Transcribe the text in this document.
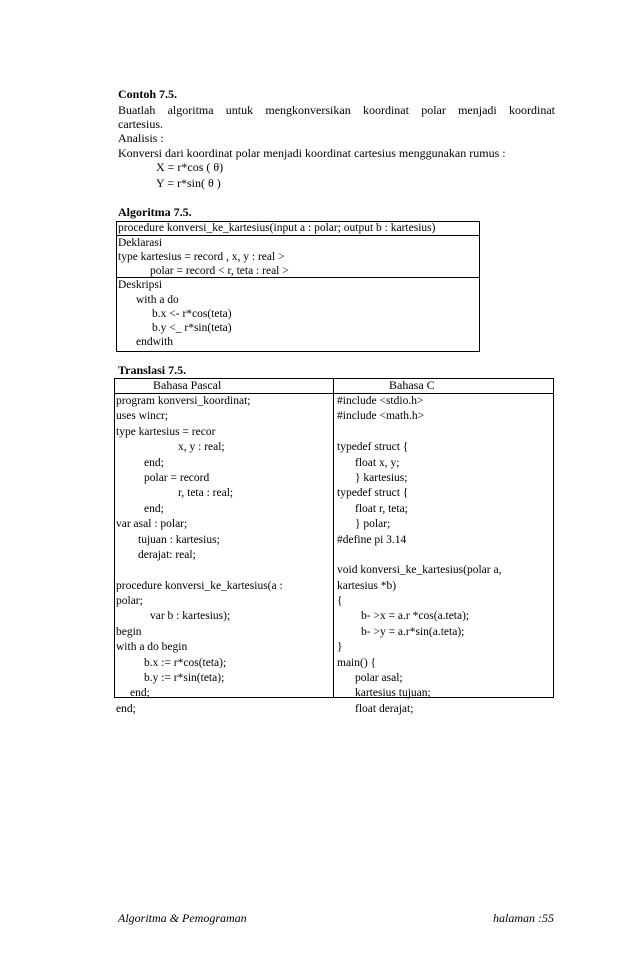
Contoh 7.5.
Buatlah algoritma untuk mengkonversikan koordinat polar menjadi koordinat
cartesius.
Analisis :
Konversi dari koordinat polar menjadi koordinat cartesius menggunakan rumus :
X = r*cos ( θ)
Y = r*sin( θ )
Algoritma 7.5.
procedure konversi_ke_kartesius(input a : polar; output b : kartesius)
Deklarasi
type kartesius = record , x, y : real >
polar = record < r, teta : real >
Deskripsi
with a do
b.x <- r*cos(teta)
b.y <_ r*sin(teta)
endwith
Translasi 7.5.
Bahasa Pascal	Bahasa C
program konversi_koordinat;
uses wincr;
type kartesius = recor
x, y : real;
end;
polar = record
r, teta : real;
end;
var asal : polar;
tujuan : kartesius;
derajat: real;
procedure konversi_ke_kartesius(a :
polar;
var b : kartesius);
begin
with a do begin
b.x := r*cos(teta);
b.y := r*sin(teta);
end;
end;
#include <stdio.h>
#include <math.h>
typedef struct {
float x, y;
} kartesius;
typedef struct {
float r, teta;
} polar;
#define pi 3.14
void konversi_ke_kartesius(polar a,
kartesius *b)
{
b- >x = a.r *cos(a.teta);
b- >y = a.r*sin(a.teta);
}
main() {
polar asal;
kartesius tujuan;
float derajat;
Algoritma & Pemograman	halaman :55
